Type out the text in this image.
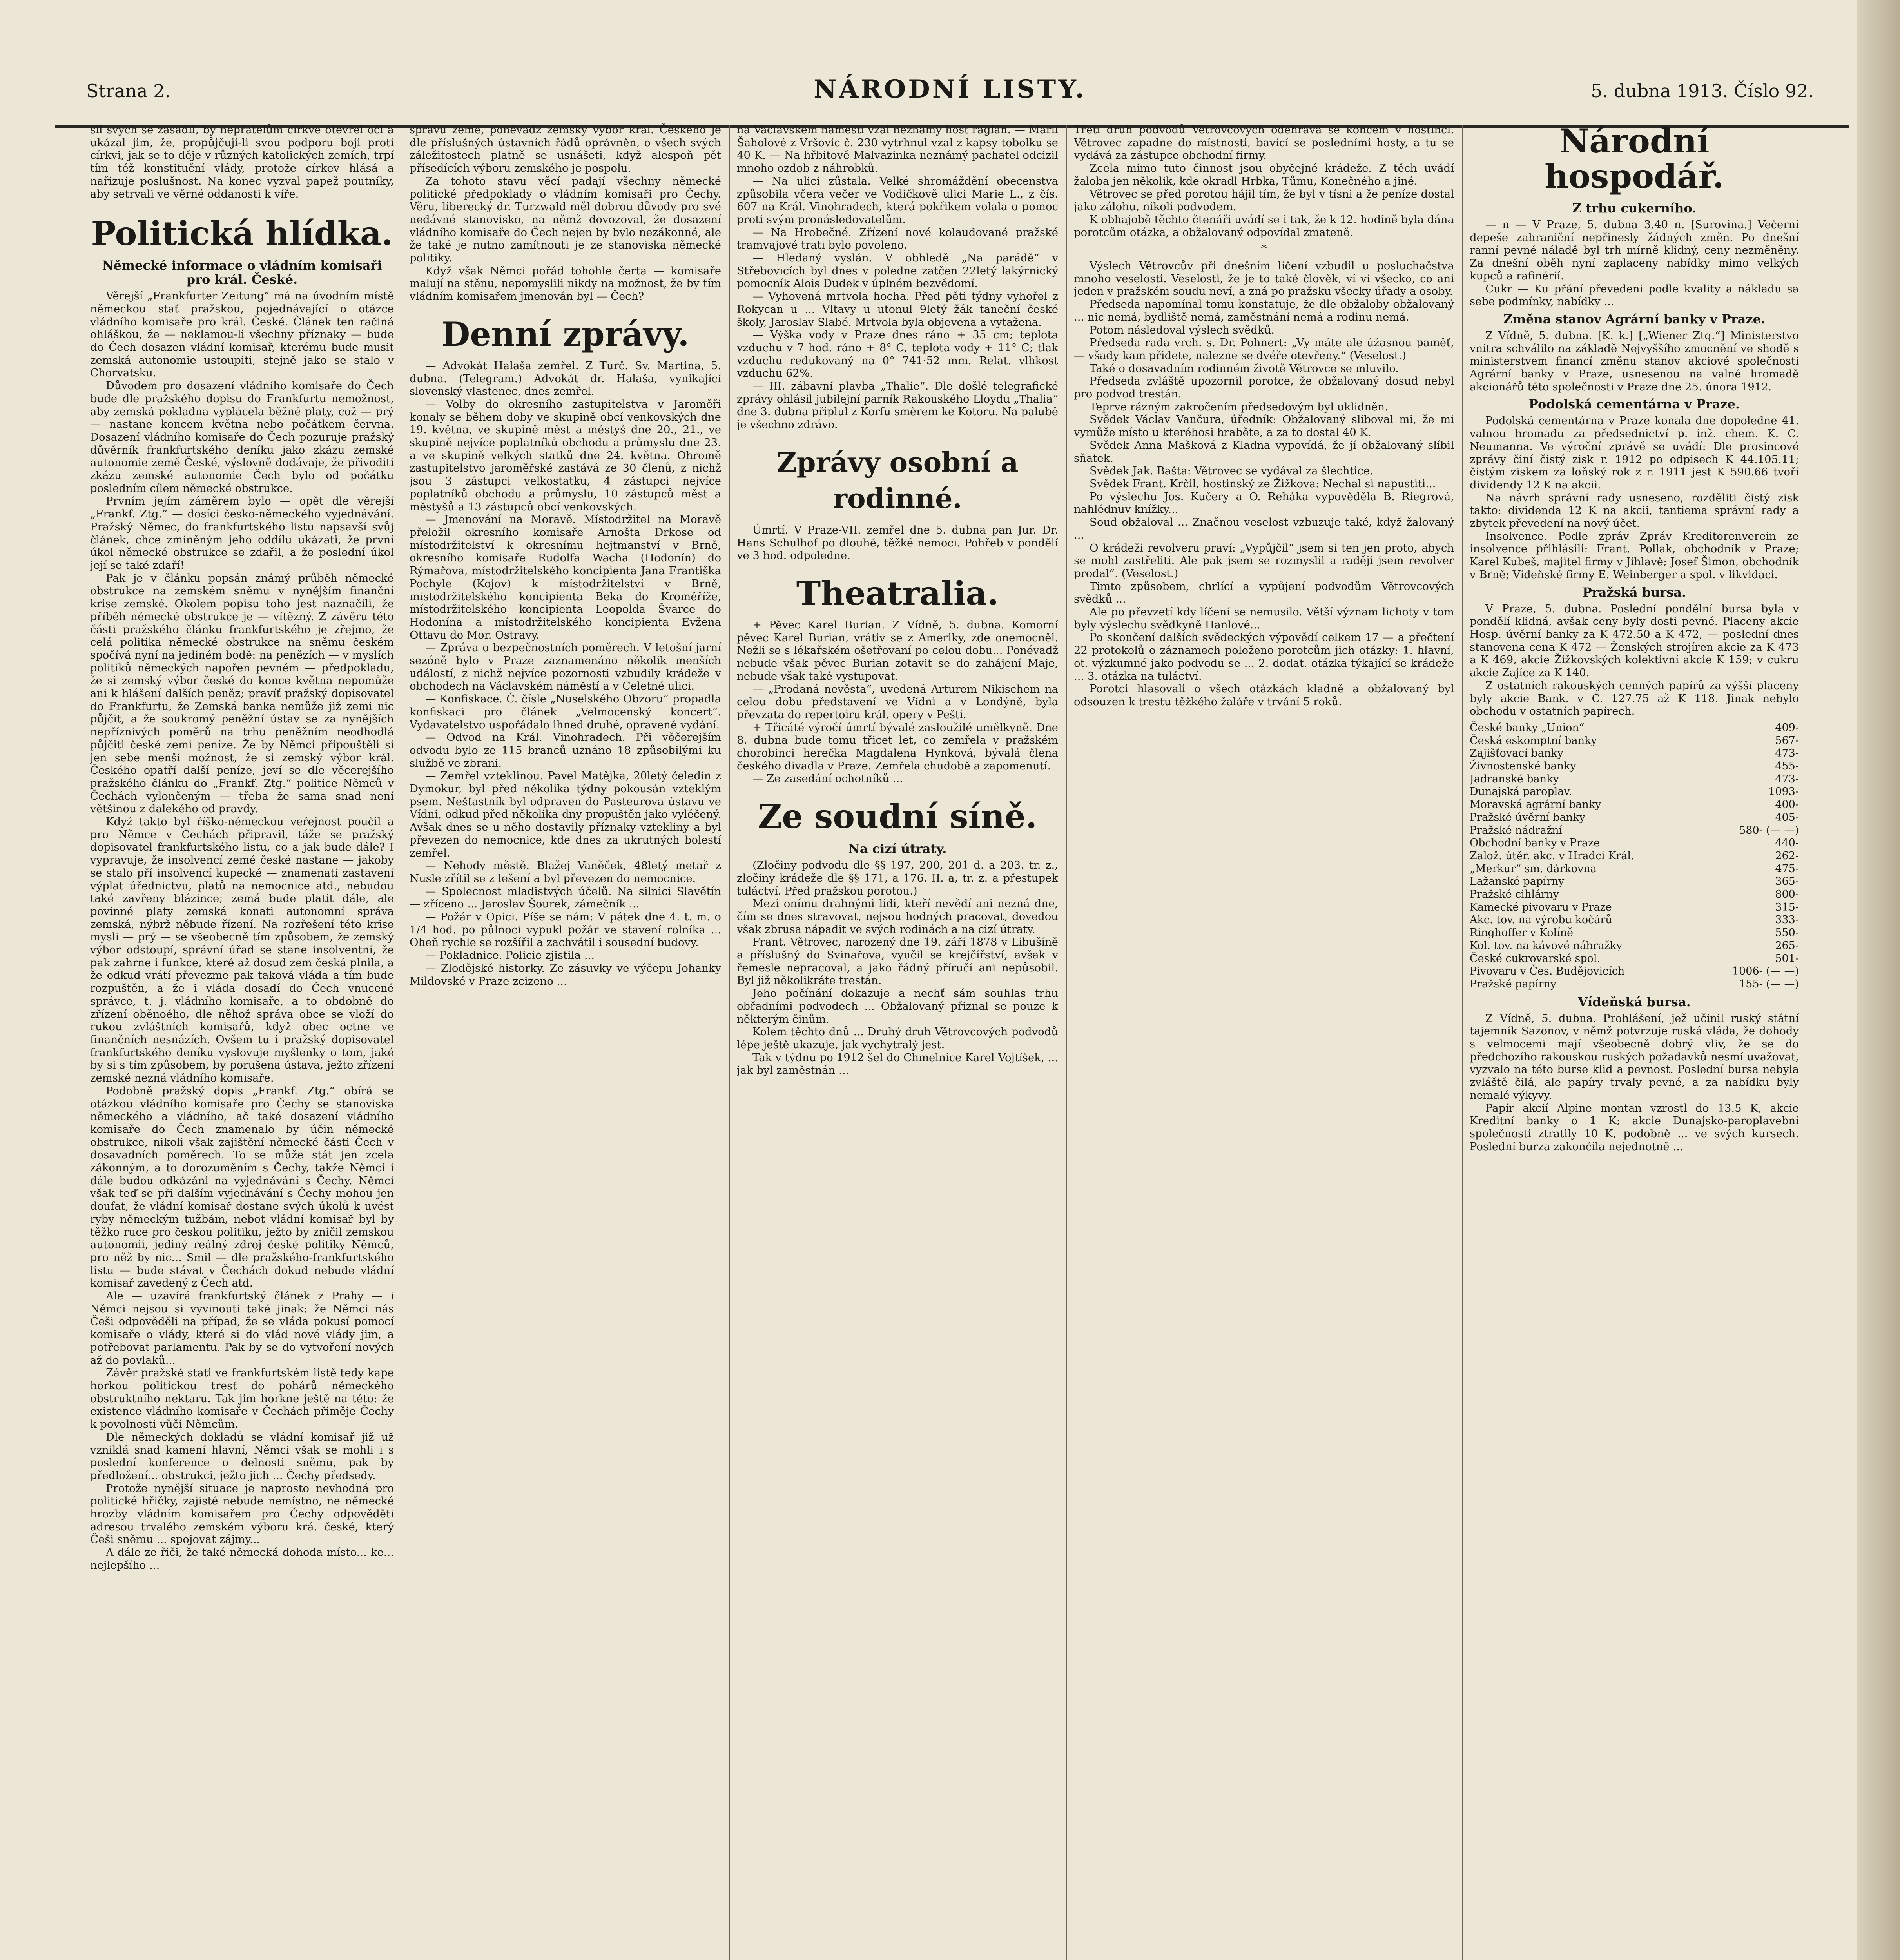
Strana 2.	NÁRODNÍ LISTY.	5. dubna 1913. Číslo 92.

sil svých se zasadil, by nepřátelům církve otevřel oči a ukázal jim, že, propůjčuji-li svou podporu boji proti církvi, jak se to děje v různých katolických zemích, trpí tím též konstituční vlády, protože církev hlásá a nařizuje poslušnost. Na konec vyzval papež poutníky, aby setrvali ve věrné oddanosti k víře.

Politická hlídka.
Německé informace o vládním komisaři pro král. České.

Věrejší „Frankfurter Zeitung“ má na úvodním místě německou stať pražskou, pojednávající o otázce vládního komisaře pro král. České. Článek ten račiná ohláškou, že — neklamou-li všechny příznaky — bude do Čech dosazen vládní komisař, kterému bude musit zemská autonomie ustoupiti, stejně jako se stalo v Chorvatsku.

Důvodem pro dosazení vládního komisaře do Čech bude dle pražského dopisu do Frankfurtu nemožnost, aby zemská pokladna vyplácela běžné platy, což — prý — nastane koncem května nebo počátkem června. Dosazení vládního komisaře do Čech pozuruje pražský důvěrník frankfurtského deníku jako zkázu zemské autonomie země České, výslovně dodávaje, že přivoditi zkázu zemské autonomie Čech bylo od počátku posledním cílem německé obstrukce.

Prvním jejím záměrem bylo — opět dle věrejší „Frankf. Ztg.“ — dosíci česko-německého vyjednávání. Pražský Němec, do frankfurtského listu napsavší svůj článek, chce zmíněným jeho oddílu ukázati, že první úkol německé obstrukce se zdařil, a že poslední úkol její se také zdaří!

Pak je v článku popsán známý průběh německé obstrukce na zemském sněmu v nynějším finanční krise zemské. Okolem popisu toho jest naznačili, že příběh německé obstrukce je — vítězný. Z závěru této části pražského článku frankfurtského je zřejmo, že celá politika německé obstrukce na sněmu českém spočívá nyní na jediném bodě: na penězích — v myslích politiků německých napořen pevném — předpokladu, že si zemský výbor české do konce května nepomůže ani k hlášení dalších peněz; pravíť pražský dopisovatel do Frankfurtu, že Zemská banka nemůže již zemi nic půjčit, a že soukromý peněžní ústav se za nynějších nepříznivých poměrů na trhu peněžním neodhodlá půjčiti české zemi peníze. Že by Němci připouštěli si jen sebe menší možnost, že si zemský výbor král. Českého opatří další peníze, jeví se dle věcerejšího pražského článku do „Frankf. Ztg.“ politice Němců v Čechách vylončeným — třeba že sama snad není většinou z dalekého od pravdy.

Když takto byl říško-německou veřejnost poučil a pro Němce v Čechách připravil, táže se pražský dopisovatel frankfurtského listu, co a jak bude dále? I vypravuje, že insolvencí zemé české nastane — jakoby se stalo pří insolvencí kupecké — znamenati zastavení výplat úřednictvu, platů na nemocnice atd., nebudou také zavřeny blázince; zemá bude platit dále, ale povinné platy zemská konati autonomní správa zemská, nýbrž něbude řízení. Na rozřešení této krise mysli — prý — se všeobecně tím způsobem, že zemský výbor odstoupí, správní úřad se stane insolventní, že pak zahrne i funkce, které až dosud zem česká plnila, a že odkud vrátí převezme pak taková vláda a tím bude rozpuštěn, a že i vláda dosadí do Čech vnucené správce, t. j. vládního komisaře, a to obdobně do zřízení oběnoého, dle něhož správa obce se vloží do rukou zvláštních komisařů, když obec octne ve finančních nesnázích. Ovšem tu i pražský dopisovatel frankfurtského deníku vyslovuje myšlenky o tom, jaké by si s tím způsobem, by porušena ústava, ježto zřízení zemské nezná vládního komisaře.

Podobně pražský dopis „Frankf. Ztg.“ obírá se otázkou vládního komisaře pro Čechy se stanoviska německého a vládního, ač také dosazení vládního komisaře do Čech znamenalo by účin německé obstrukce, nikoli však zajištění německé části Čech v dosavadních poměrech. To se může stát jen zcela zákonným, a to dorozuměním s Čechy, takže Němci i dále budou odkázáni na vyjednávání s Čechy. Němci však teď se při dalším vyjednávání s Čechy mohou jen doufat, že vládní komisař dostane svých úkolů k uvést ryby německým tužbám, nebot vládní komisař byl by těžko ruce pro českou politiku, ježto by zničil zemskou autonomii, jediný reálný zdroj české politiky Němců, pro něž by nic... Smil — dle pražského-frankfurtského listu — bude stávat v Čechách dokud nebude vládní komisař zavedený z Čech atd.

Ale — uzavírá frankfurtský článek z Prahy — i Němci nejsou si vyvinouti také jinak: že Němci nás Češi odpověděli na případ, že se vláda pokusí pomocí komisaře o vlády, které si do vlád nové vlády jim, a potřebovat parlamentu. Pak by se do vytvoření nových až do povlaků...

Závěr pražské stati ve frankfurtském listě tedy kape horkou politickou tresť do pohárů německého obstruktního nektaru. Tak jim horkne ještě na této: že existence vládního komisaře v Čechách přiměje Čechy k povolnosti vůči Němcům.

Dle německých dokladů se vládní komisař již už vzniklá snad kamení hlavní, Němci však se mohli i s poslední konference o delnosti sněmu, pak by předložení... obstrukci, ježto jich ... Čechy předsedy.

Protože nynější situace je naprosto nevhodná pro politické hřičky, zajisté nebude nemístno, ne německé hrozby vládním komisařem pro Čechy odpověděti adresou trvalého zemském výboru krá. české, který Češi sněmu ... spojovat zájmy...

A dále ze řiči, že také německá dohoda místo... ke... nejlepšího ...

správu země, poněvadž zemský výbor král. Českého je dle příslušných ústavních řádů oprávněn, o všech svých záležitostech platně se usnášeti, když alespoň pět přísedících výboru zemského je pospolu.

Za tohoto stavu věcí padají všechny německé politické předpoklady o vládním komisaři pro Čechy. Věru, liberecký dr. Turzwald měl dobrou důvody pro své nedávné stanovisko, na němž dovozoval, že dosazení vládního komisaře do Čech nejen by bylo nezákonné, ale že také je nutno zamítnouti je ze stanoviska německé politiky.

Když však Němci pořád tohohle čerta — komisaře malují na stěnu, nepomyslili nikdy na možnost, že by tím vládním komisařem jmenován byl — Čech?

Denní zprávy.

— Advokát Halaša zemřel. Z Turč. Sv. Martina, 5. dubna. (Telegram.) Advokát dr. Halaša, vynikající slovenský vlastenec, dnes zemřel.

— Volby do okresního zastupitelstva v Jaroměři konaly se během doby ve skupině obcí venkovských dne 19. května, ve skupině měst a městyš dne 20., 21., ve skupině nejvíce poplatníků obchodu a průmyslu dne 23. a ve skupině velkých statků dne 24. května. Ohromě zastupitelstvo jaroměřské zastává ze 30 členů, z nichž jsou 3 zástupci velkostatku, 4 zástupci nejvíce poplatníků obchodu a průmyslu, 10 zástupců měst a městyšů a 13 zástupců obcí venkovských.

— Jmenování na Moravě. Místodržitel na Moravě přeložil okresního komisaře Arnošta Drkose od místodržitelství k okresnímu hejtmanství v Brně, okresního komisaře Rudolfa Wacha (Hodonín) do Rýmařova, místodržitelského koncipienta Jana Františka Pochyle (Kojov) k místodržitelství v Brně, místodržitelského koncipienta Beka do Kroměříže, místodržitelského koncipienta Leopolda Švarce do Hodonína a místodržitelského koncipienta Evžena Ottavu do Mor. Ostravy.

— Zpráva o bezpečnostních poměrech. V letošní jarní sezóně bylo v Praze zaznamenáno několik menších událostí, z nichž nejvíce pozornosti vzbudily krádeže v obchodech na Václavském náměstí a v Celetné ulici.

— Konfiskace. Č. čísle „Nuselského Obzoru“ propadla konfiskaci pro článek „Velmocenský koncert“. Vydavatelstvo uspořádalo ihned druhé, opravené vydání.

— Odvod na Král. Vinohradech. Při věčerejším odvodu bylo ze 115 branců uznáno 18 způsobilými ku službě ve zbrani.

— Zemřel vzteklinou. Pavel Matějka, 20letý čeledín z Dymokur, byl před několika týdny pokousán vzteklým psem. Nešťastník byl odpraven do Pasteurova ústavu ve Vídni, odkud před několika dny propuštěn jako vyléčený. Avšak dnes se u něho dostavily příznaky vztekliny a byl převezen do nemocnice, kde dnes za ukrutných bolestí zemřel.

— Nehody městě. Blažej Vaněček, 48letý metař z Nusle zřítil se z lešení a byl převezen do nemocnice.

— Spolecnost mladistvých účelů. Na silnici Slavětín — zříceno ... Jaroslav Šourek, zámečník ...

— Požár v Opici. Píše se nám: V pátek dne 4. t. m. o 1/4 hod. po půlnoci vypukl požár ve stavení rolníka ... Oheň rychle se rozšířil a zachvátil i sousední budovy.

— Pokladnice. Policie zjistila ...

— Zlodějské historky. Ze zásuvky ve výčepu Johanky Mildovské v Praze zcizeno ...

na Václavském náměstí vzal neznámý host raglán. — Marii Šaholové z Vršovic č. 230 vytrhnul vzal z kapsy tobolku se 40 K. — Na hřbitově Malvazinka neznámý pachatel odcizil mnoho ozdob z náhrobků.

— Na ulici zůstala. Velké shromáždění obecenstva způsobila včera večer ve Vodičkově ulici Marie L., z čís. 607 na Král. Vinohradech, která pokřikem volala o pomoc proti svým pronásledovatelům.

— Na Hrobečné. Zřízení nové kolaudované pražské tramvajové trati bylo povoleno.

— Hledaný vyslán. V obhledě „Na parádě“ v Střebovicích byl dnes v poledne zatčen 22letý lakýrnický pomocník Alois Dudek v úplném bezvědomí.

— Vyhovená mrtvola hocha. Před pěti týdny vyhořel z Rokycan u ... Vltavy u utonul 9letý žák taneční české školy, Jaroslav Slabé. Mrtvola byla objevena a vytažena.

— Výška vody v Praze dnes ráno + 35 cm; teplota vzduchu v 7 hod. ráno + 8° C, teplota vody + 11° C; tlak vzduchu redukovaný na 0° 741·52 mm. Relat. vlhkost vzduchu 62%.

— III. zábavní plavba „Thalie“. Dle došlé telegrafické zprávy ohlásil jubilejní parník Rakouského Lloydu „Thalia“ dne 3. dubna připlul z Korfu směrem ke Kotoru. Na palubě je všechno zdrávo.

Zprávy osobní a rodinné.

Úmrtí. V Praze-VII. zemřel dne 5. dubna pan Jur. Dr. Hans Schulhof po dlouhé, těžké nemoci. Pohřeb v pondělí ve 3 hod. odpoledne.

Theatralia.

+ Pěvec Karel Burian. Z Vídně, 5. dubna. Komorní pěvec Karel Burian, vrátiv se z Ameriky, zde onemocněl. Nežli se s lékařském ošetřovaní po celou dobu... Ponévadž nebude však pěvec Burian zotavit se do zahájení Maje, nebude však také vystupovat.

— „Prodaná nevěsta“, uvedená Arturem Nikischem na celou dobu představení ve Vídni a v Londýně, byla převzata do repertoiru král. opery v Pešti.

+ Třicáté výročí úmrtí bývalé zasloužilé umělkyně. Dne 8. dubna bude tomu třicet let, co zemřela v pražském chorobinci herečka Magdalena Hynková, bývalá člena českého divadla v Praze. Zemřela chudobě a zapomenutí.

— Ze zasedání ochotníků ...

Ze soudní síně.
Na cizí útraty.

(Zločiny podvodu dle §§ 197, 200, 201 d. a 203. tr. z., zločiny krádeže dle §§ 171, a 176. II. a, tr. z. a přestupek tuláctví. Před pražskou porotou.)

Mezi onímu drahnými lidi, kteří nevědí ani nezná dne, čím se dnes stravovat, nejsou hodných pracovat, dovedou však zbrusa nápadit ve svých rodinách a na cizí útraty.

Frant. Větrovec, narozený dne 19. září 1878 v Libušíně a příslušný do Svinařova, vyučil se krejčířství, avšak v řemesle nepracoval, a jako řádný příručí ani nepůsobil. Byl již několikráte trestán.

Jeho počínání dokazuje a nechť sám souhlas trhu obřadními podvodech ... Obžalovaný přiznal se pouze k některým činům.

Kolem těchto dnů ... Druhý druh Větrovcových podvodů lépe ještě ukazuje, jak vychytralý jest.

Tak v týdnu po 1912 šel do Chmelnice Karel Vojtíšek, ... jak byl zaměstnán ...

Třetí druh podvodů Větrovcových odehrává se koncem v hostinci. Větrovec zapadne do místnosti, bavící se posledními hosty, a tu se vydává za zástupce obchodní firmy.

Zcela mimo tuto činnost jsou obyčejné krádeže. Z těch uvádí žaloba jen několik, kde okradl Hrbka, Tůmu, Konečného a jiné.

Větrovec se před porotou hájil tím, že byl v tísni a že peníze dostal jako zálohu, nikoli podvodem.

K obhajobě těchto čtenáři uvádí se i tak, že k 12. hodině byla dána porotcům otázka, a obžalovaný odpovídal zmateně.

*

Výslech Větrovcův při dnešním líčení vzbudil u posluchačstva mnoho veselosti. Veselosti, že je to také člověk, ví ví všecko, co ani jeden v pražském soudu neví, a zná po pražsku všecky úřady a osoby.

Předseda napomínal tomu konstatuje, že dle obžaloby obžalovaný ... nic nemá, bydliště nemá, zaměstnání nemá a rodinu nemá.

Potom následoval výslech svědků.

Předseda rada vrch. s. Dr. Pohnert: „Vy máte ale úžasnou paměť, — všady kam přidete, nalezne se dvéře otevřeny.“ (Veselost.)

Také o dosavadním rodinném životě Větrovce se mluvilo.

Předseda zvláště upozornil porotce, že obžalovaný dosud nebyl pro podvod trestán.

Teprve rázným zakročením předsedovým byl uklidněn.

Svědek Václav Vančura, úředník: Obžalovaný sliboval mi, že mi vymůže místo u kteréhosi hraběte, a za to dostal 40 K.

Svědek Anna Mašková z Kladna vypovídá, že jí obžalovaný slíbil sňatek.

Svědek Jak. Bašta: Větrovec se vydával za šlechtice.

Svědek Frant. Krčil, hostinský ze Žižkova: Nechal si napustiti...

Po výslechu Jos. Kučery a O. Reháka vypověděla B. Riegrová, nahlédnuv knížky...

Soud obžaloval ... Značnou veselost vzbuzuje také, když žalovaný ...

O krádeži revolveru praví: „Vypůjčil“ jsem si ten jen proto, abych se mohl zastřeliti. Ale pak jsem se rozmyslil a raději jsem revolver prodal“. (Veselost.)

Timto způsobem, chrlící a vypůjení podvodům Větrovcových svědků ...

Ale po převzetí kdy líčení se nemusilo. Větší význam lichoty v tom byly výslechu svědkyně Hanlové...

Po skončení dalších svědeckých výpovědí celkem 17 — a přečtení 22 protokolů o záznamech položeno porotcům jich otázky: 1. hlavní, ot. výzkumné jako podvodu se ... 2. dodat. otázka týkající se krádeže ... 3. otázka na tuláctví.

Porotci hlasovali o všech otázkách kladně a obžalovaný byl odsouzen k trestu těžkého žaláře v trvání 5 roků.

Národní hospodář.
Z trhu cukerního.

— n — V Praze, 5. dubna 3.40 n. [Surovina.] Večerní depeše zahraniční nepřinesly žádných změn. Po dnešní ranní pevné náladě byl trh mírně klidný, ceny nezměněny. Za dnešní oběh nyní zaplaceny nabídky mimo velkých kupců a rafinérií.

Cukr — Ku přání převedeni podle kvality a nákladu sa sebe podmínky, nabídky ...

Změna stanov Agrární banky v Praze.

Z Vídně, 5. dubna. [K. k.] [„Wiener Ztg.“] Ministerstvo vnitra schválilo na základě Nejvyššího zmocnění ve shodě s ministerstvem financí změnu stanov akciové společnosti Agrární banky v Praze, usnesenou na valné hromadě akcionářů této společnosti v Praze dne 25. února 1912.

Podolská cementárna v Praze.

Podolská cementárna v Praze konala dne dopoledne 41. valnou hromadu za předsednictví p. inž. chem. K. C. Neumanna. Ve výroční zprávě se uvádí: Dle prosincové zprávy činí čistý zisk r. 1912 po odpisech K 44.105.11; čistým ziskem za loňský rok z r. 1911 jest K 590.66 tvoří dividendy 12 K na akcii.

Na návrh správní rady usneseno, rozděliti čistý zisk takto: dividenda 12 K na akcii, tantiema správní rady a zbytek převedení na nový účet.

Insolvence. Podle zpráv Zpráv Kreditorenverein ze insolvence přihlásili: Frant. Pollak, obchodník v Praze; Karel Kubeš, majitel firmy v Jihlavě; Josef Šimon, obchodník v Brně; Vídeňské firmy E. Weinberger a spol. v likvidaci.

Pražská bursa.

V Praze, 5. dubna. Poslední pondělní bursa byla v pondělí klidná, avšak ceny byly dosti pevné. Placeny akcie Hosp. úvěrní banky za K 472.50 a K 472, — poslední dnes stanovena cena K 472 — Ženských strojíren akcie za K 473 a K 469, akcie Žižkovských kolektivní akcie K 159; v cukru akcie Zajíce za K 140.

Z ostatních rakouských cenných papírů za výšší placeny byly akcie Bank. v Č. 127.75 až K 118. Jinak nebylo obchodu v ostatních papírech.

České banky „Union“	409-
Česká eskomptní banky	567-
Zajišťovací banky	473-
Živnostenské banky	455-
Jadranské banky	473-
Dunajská paroplav.	1093-
Moravská agrární banky	400-
Pražské úvěrní banky	405-
Pražské nádražní	580- (— —)
Obchodní banky v Praze	440-
Založ. útěr. akc. v Hradci Král.	262-
„Merkur“ sm. dárkovna	475-
Lažanské papírny	365-
Pražské cihlárny	800-
Kamecké pivovaru v Praze	315-
Akc. tov. na výrobu kočárů	333-
Ringhoffer v Kolíně	550-
Kol. tov. na kávové náhražky	265-
České cukrovarské spol.	501-
Pivovaru v Čes. Budějovicích	1006- (— —)
Pražské papírny	155- (— —)
Vídeňská bursa.

Z Vídně, 5. dubna. Prohlášení, jež učinil ruský státní tajemník Sazonov, v němž potvrzuje ruská vláda, že dohody s velmocemi mají všeobecně dobrý vliv, že se do předchozího rakouskou ruských požadavků nesmí uvažovat, vyzvalo na této burse klid a pevnost. Poslední bursa nebyla zvláště čilá, ale papíry trvaly pevné, a za nabídku byly nemalé výkyvy.

Papír akcií Alpine montan vzrostl do 13.5 K, akcie Kreditní banky o 1 K; akcie Dunajsko-paroplavební společnosti ztratily 10 K, podobně ... ve svých kursech. Poslední burza zakončila nejednotně ...
